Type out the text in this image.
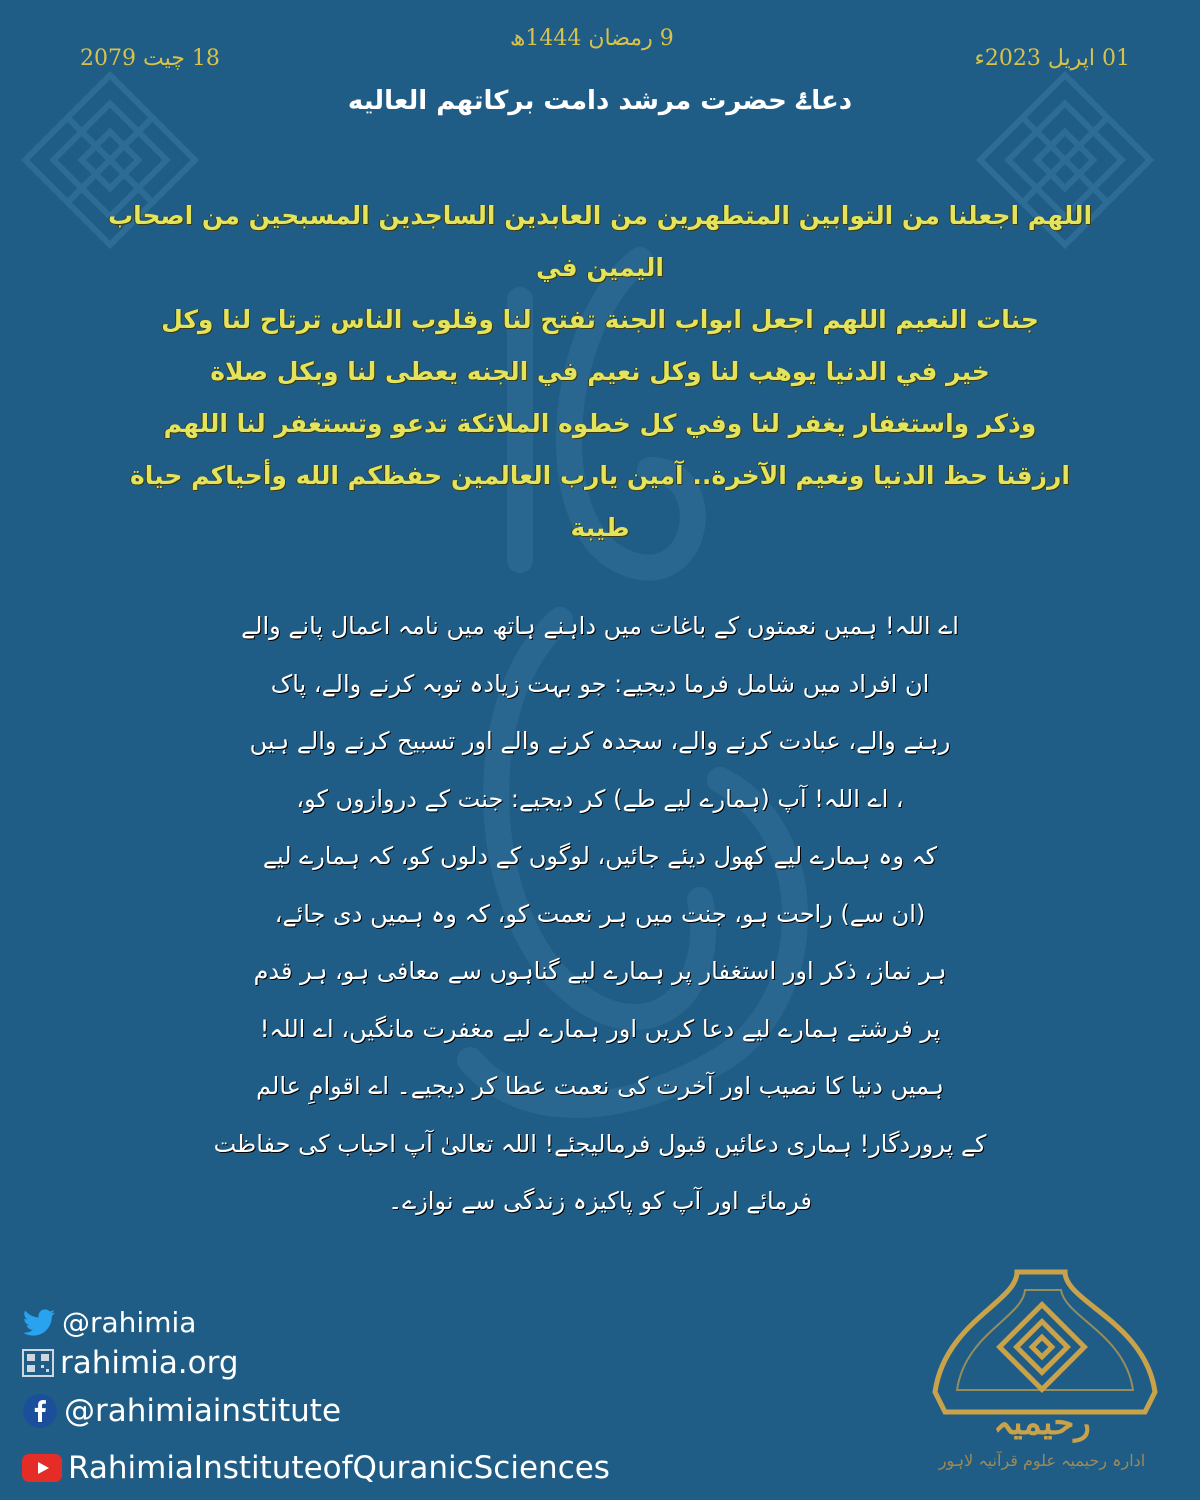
01 اپریل 2023ء
9 رمضان 1444ھ
18 چیت 2079
دعاۓ حضرت مرشد دامت برکاتھم العالیه
اللهم اجعلنا من التوابين المتطهرين من العابدين الساجدين المسبحين من اصحاب اليمين في
جنات النعيم اللهم اجعل ابواب الجنة تفتح لنا وقلوب الناس ترتاح لنا وكل
خير في الدنيا يوهب لنا وكل نعيم في الجنه يعطى لنا وبكل صلاة
وذكر واستغفار يغفر لنا وفي كل خطوه الملائكة تدعو وتستغفر لنا اللهم
ارزقنا حظ الدنيا ونعيم الآخرة.. آمين يارب العالمين حفظكم الله وأحياكم حياة
طيبة
اے اللہ! ہمیں نعمتوں کے باغات میں داہنے ہاتھ میں نامہ اعمال پانے والے
ان افراد میں شامل فرما دیجیے: جو بہت زیادہ توبہ کرنے والے، پاک
رہنے والے، عبادت کرنے والے، سجدہ کرنے والے اور تسبیح کرنے والے ہیں
، اے اللہ! آپ (ہمارے لیے طے) کر دیجیے: جنت کے دروازوں کو،
کہ وہ ہمارے لیے کھول دیئے جائیں، لوگوں کے دلوں کو، کہ ہمارے لیے
(ان سے) راحت ہو، جنت میں ہر نعمت کو، کہ وہ ہمیں دی جائے،
ہر نماز، ذکر اور استغفار پر ہمارے لیے گناہوں سے معافی ہو، ہر قدم
پر فرشتے ہمارے لیے دعا کریں اور ہمارے لیے مغفرت مانگیں، اے اللہ!
ہمیں دنیا کا نصیب اور آخرت کی نعمت عطا کر دیجیے۔ اے اقوامِ عالم
کے پروردگار! ہماری دعائیں قبول فرمالیجئے! اللہ تعالیٰ آپ احباب کی حفاظت
فرمائے اور آپ کو پاکیزہ زندگی سے نوازے۔
@rahimia
rahimia.org
@rahimiainstitute
RahimiaInstituteofQuranicSciences
رحیمیہ
ادارہ رحیمیہ علوم قرآنیہ لاہور
